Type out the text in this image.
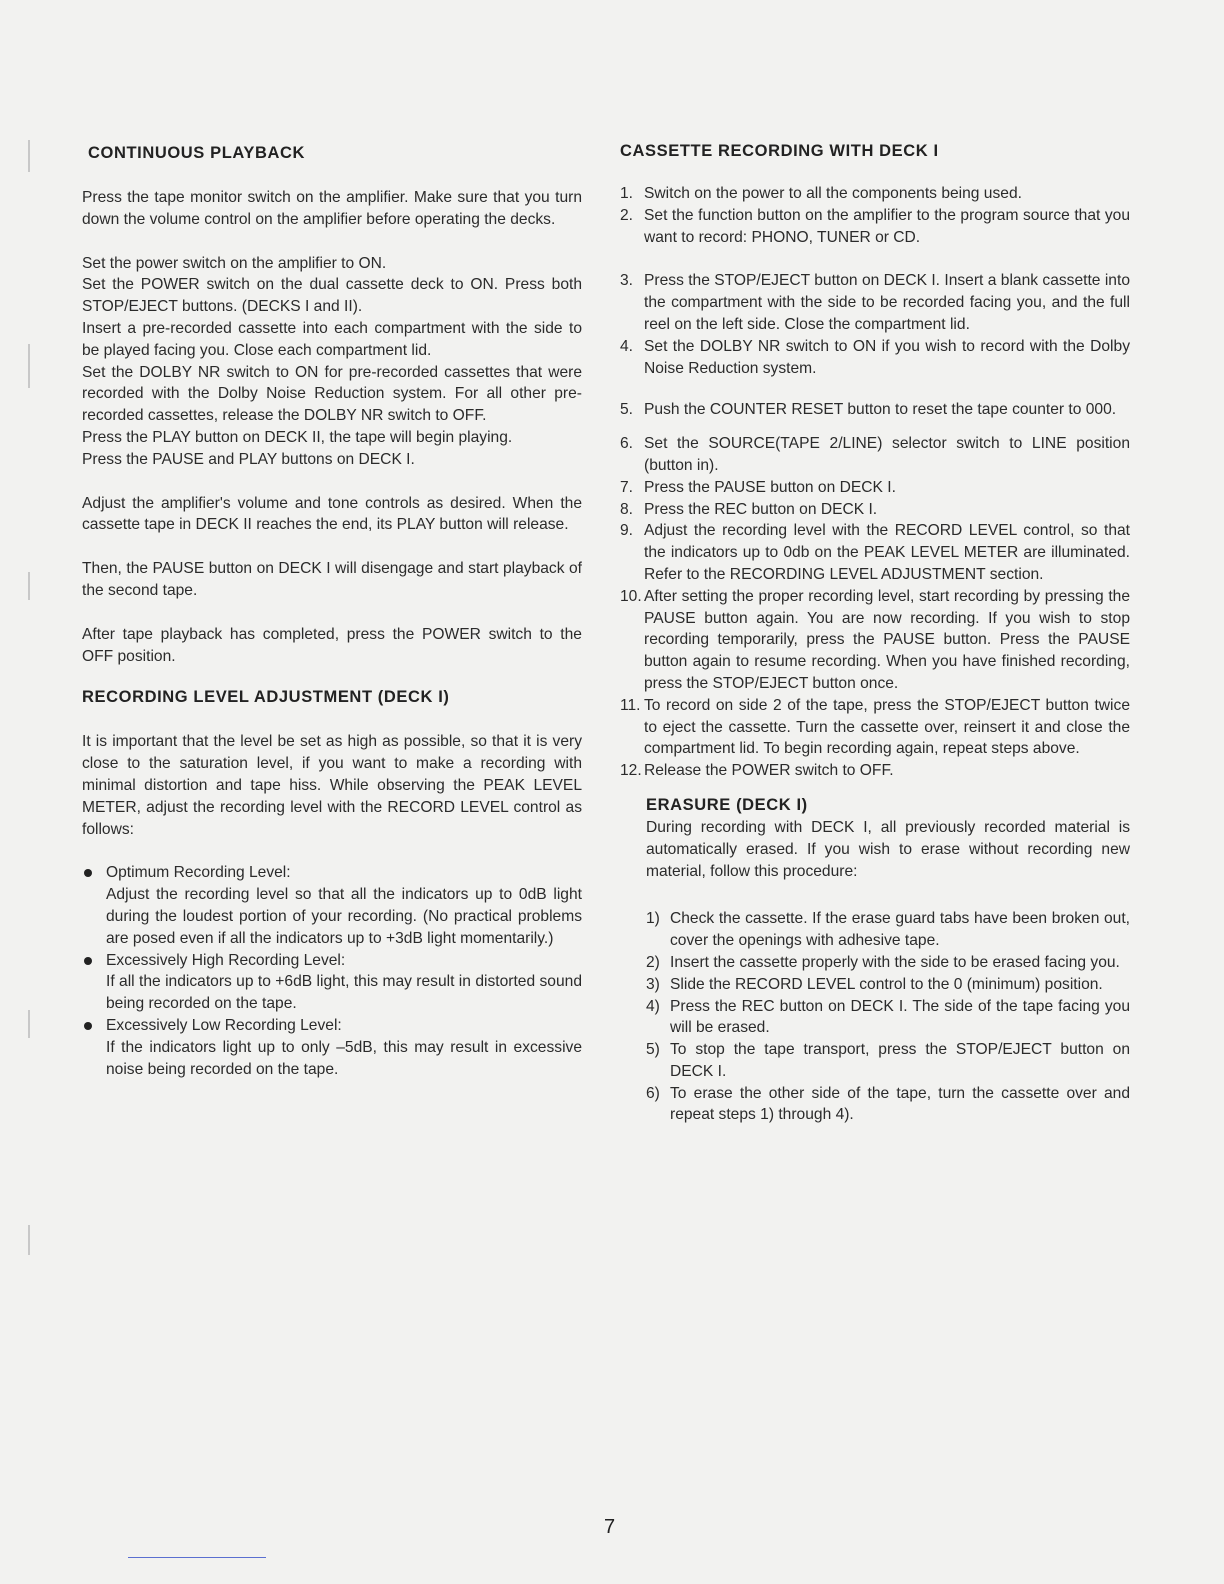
CONTINUOUS PLAYBACK

Press the tape monitor switch on the amplifier. Make sure that you turn down the volume control on the amplifier before operating the decks.

Set the power switch on the amplifier to ON.

Set the POWER switch on the dual cassette deck to ON. Press both STOP/EJECT buttons. (DECKS I and II).

Insert a pre-recorded cassette into each compartment with the side to be played facing you. Close each compartment lid.

Set the DOLBY NR switch to ON for pre-recorded cassettes that were recorded with the Dolby Noise Reduction system. For all other pre-recorded cassettes, release the DOLBY NR switch to OFF.

Press the PLAY button on DECK II, the tape will begin playing.

Press the PAUSE and PLAY buttons on DECK I.

Adjust the amplifier's volume and tone controls as desired. When the cassette tape in DECK II reaches the end, its PLAY button will release.

Then, the PAUSE button on DECK I will disengage and start playback of the second tape.

After tape playback has completed, press the POWER switch to the OFF position.

RECORDING LEVEL ADJUSTMENT (DECK I)

It is important that the level be set as high as possible, so that it is very close to the saturation level, if you want to make a recording with minimal distortion and tape hiss. While observing the PEAK LEVEL METER, adjust the recording level with the RECORD LEVEL control as follows:

Optimum Recording Level:
Adjust the recording level so that all the indicators up to 0dB light during the loudest portion of your recording. (No practical problems are posed even if all the indicators up to +3dB light momentarily.)
Excessively High Recording Level:
If all the indicators up to +6dB light, this may result in distorted sound being recorded on the tape.
Excessively Low Recording Level:
If the indicators light up to only –5dB, this may result in excessive noise being recorded on the tape.
CASSETTE RECORDING WITH DECK I
1. Switch on the power to all the components being used.
2. Set the function button on the amplifier to the program source that you want to record: PHONO, TUNER or CD.
3. Press the STOP/EJECT button on DECK I. Insert a blank cassette into the compartment with the side to be recorded facing you, and the full reel on the left side. Close the compartment lid.
4. Set the DOLBY NR switch to ON if you wish to record with the Dolby Noise Reduction system.
5. Push the COUNTER RESET button to reset the tape counter to 000.
6. Set the SOURCE(TAPE 2/LINE) selector switch to LINE position (button in).
7. Press the PAUSE button on DECK I.
8. Press the REC button on DECK I.
9. Adjust the recording level with the RECORD LEVEL control, so that the indicators up to 0db on the PEAK LEVEL METER are illuminated. Refer to the RECORDING LEVEL ADJUSTMENT section.
10. After setting the proper recording level, start recording by pressing the PAUSE button again. You are now recording. If you wish to stop recording temporarily, press the PAUSE button. Press the PAUSE button again to resume recording. When you have finished recording, press the STOP/EJECT button once.
11. To record on side 2 of the tape, press the STOP/EJECT button twice to eject the cassette. Turn the cassette over, reinsert it and close the compartment lid. To begin recording again, repeat steps above.
12. Release the POWER switch to OFF.
ERASURE (DECK I)

During recording with DECK I, all previously recorded material is automatically erased. If you wish to erase without recording new material, follow this procedure:

1) Check the cassette. If the erase guard tabs have been broken out, cover the openings with adhesive tape.
2) Insert the cassette properly with the side to be erased facing you.
3) Slide the RECORD LEVEL control to the 0 (minimum) position.
4) Press the REC button on DECK I. The side of the tape facing you will be erased.
5) To stop the tape transport, press the STOP/EJECT button on DECK I.
6) To erase the other side of the tape, turn the cassette over and repeat steps 1) through 4).
7
